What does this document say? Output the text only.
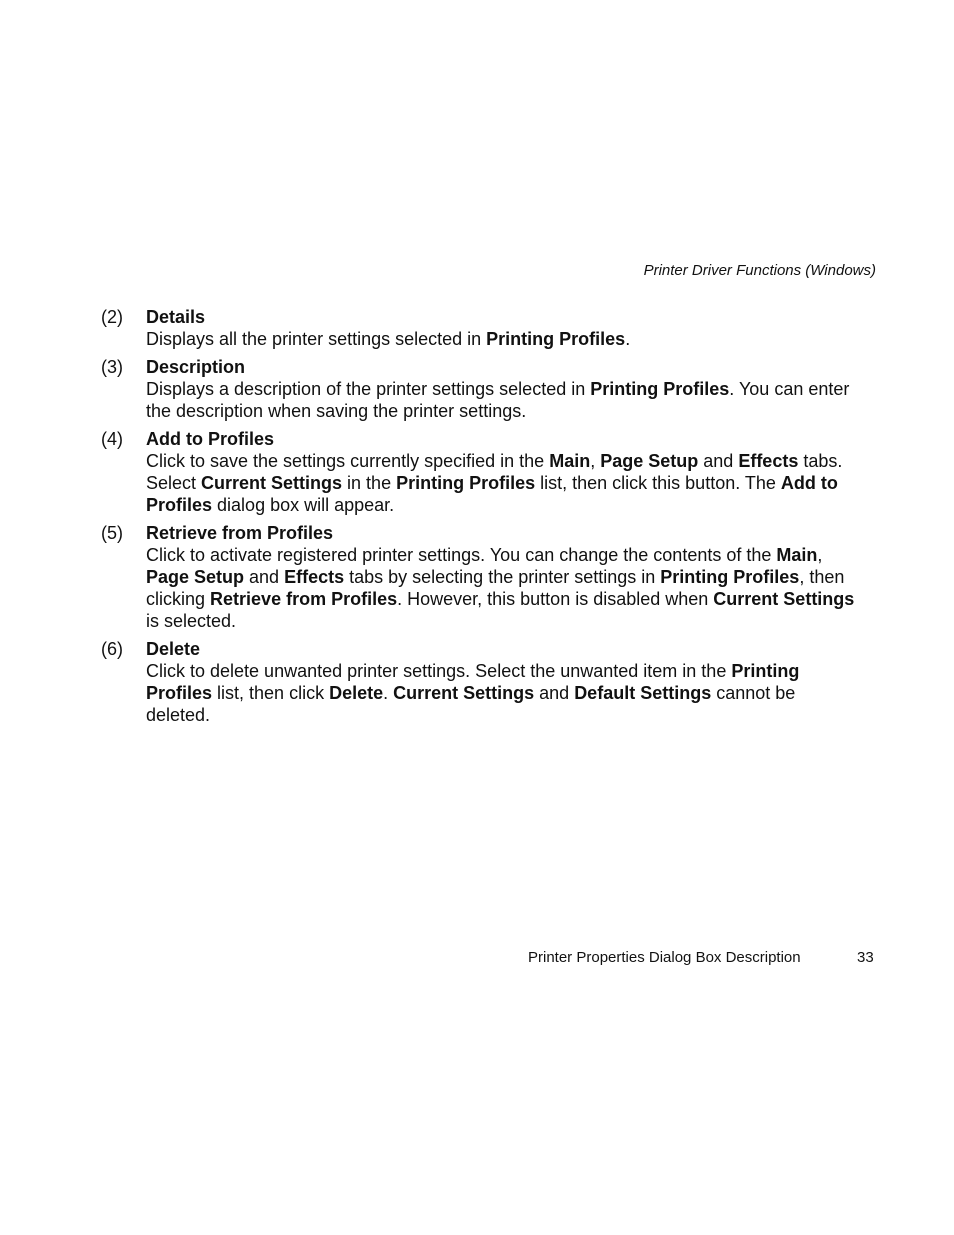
Printer Driver Functions (Windows)
(2)	Details
Displays all the printer settings selected in Printing Profiles.
(3)	Description
Displays a description of the printer settings selected in Printing Profiles. You can enter the description when saving the printer settings.
(4)	Add to Profiles
Click to save the settings currently specified in the Main, Page Setup and Effects tabs. Select Current Settings in the Printing Profiles list, then click this button. The Add to Profiles dialog box will appear.
(5)	Retrieve from Profiles
Click to activate registered printer settings. You can change the contents of the Main, Page Setup and Effects tabs by selecting the printer settings in Printing Profiles, then clicking Retrieve from Profiles. However, this button is disabled when Current Settings is selected.
(6)	Delete
Click to delete unwanted printer settings. Select the unwanted item in the Printing Profiles list, then click Delete. Current Settings and Default Settings cannot be deleted.
Printer Properties Dialog Box Description	33
